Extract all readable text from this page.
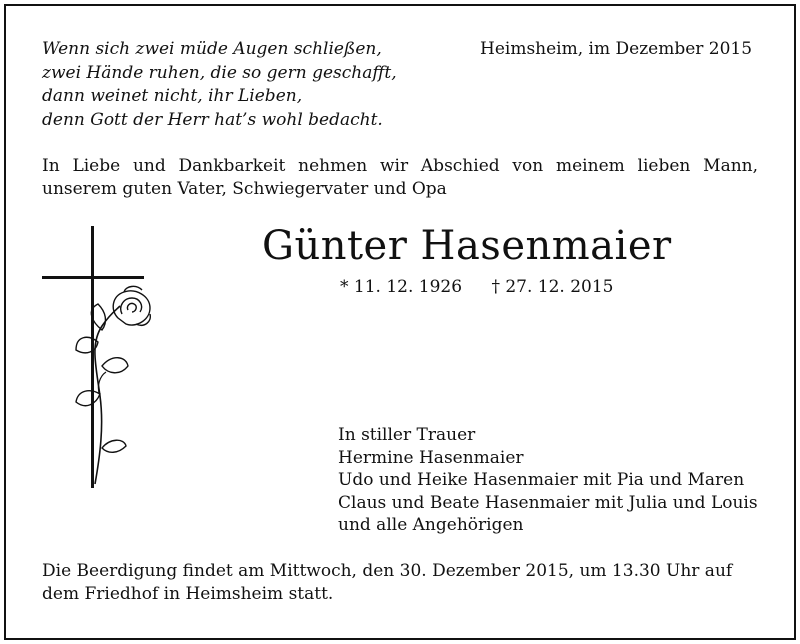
Wenn sich zwei müde Augen schließen,
zwei Hände ruhen, die so gern geschafft,
dann weinet nicht, ihr Lieben,
denn Gott der Herr hat’s wohl bedacht.
Heimsheim, im Dezember 2015
In Liebe und Dankbarkeit nehmen wir Abschied von meinem lieben Mann, unserem guten Vater, Schwiegervater und Opa
Günter Hasenmaier
* 11. 12. 1926 † 27. 12. 2015
In stiller Trauer
Hermine Hasenmaier
Udo und Heike Hasenmaier mit Pia und Maren
Claus und Beate Hasenmaier mit Julia und Louis
und alle Angehörigen
Die Beerdigung findet am Mittwoch, den 30. Dezember 2015, um 13.30 Uhr auf
dem Friedhof in Heimsheim statt.
